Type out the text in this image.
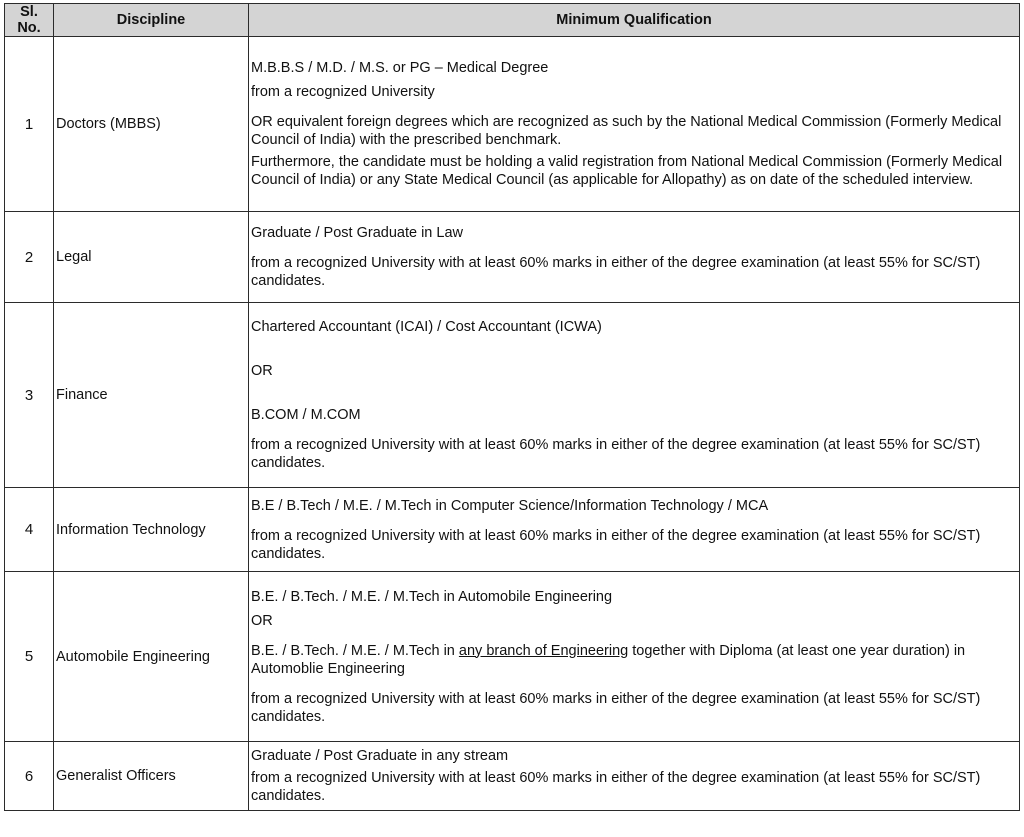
Sl. No.	Discipline	Minimum Qualification
1	Doctors (MBBS)	M.B.B.S / M.D. / M.S. or PG – Medical Degree

from a recognized University

OR equivalent foreign degrees which are recognized as such by the National Medical Commission (Formerly Medical Council of India) with the prescribed benchmark.

Furthermore, the candidate must be holding a valid registration from National Medical Commission (Formerly Medical Council of India) or any State Medical Council (as applicable for Allopathy) as on date of the scheduled interview.

2	Legal	Graduate / Post Graduate in Law

from a recognized University with at least 60% marks in either of the degree examination (at least 55% for SC/ST) candidates.

3	Finance	Chartered Accountant (ICAI) / Cost Accountant (ICWA)

OR

B.COM / M.COM

from a recognized University with at least 60% marks in either of the degree examination (at least 55% for SC/ST) candidates.

4	Information Technology	B.E / B.Tech / M.E. / M.Tech in Computer Science/Information Technology / MCA

from a recognized University with at least 60% marks in either of the degree examination (at least 55% for SC/ST) candidates.

5	Automobile Engineering	B.E. / B.Tech. / M.E. / M.Tech in Automobile Engineering

OR

B.E. / B.Tech. / M.E. / M.Tech in any branch of Engineering together with Diploma (at least one year duration) in Automoblie Engineering

from a recognized University with at least 60% marks in either of the degree examination (at least 55% for SC/ST) candidates.

6	Generalist Officers	Graduate / Post Graduate in any stream

from a recognized University with at least 60% marks in either of the degree examination (at least 55% for SC/ST) candidates.
